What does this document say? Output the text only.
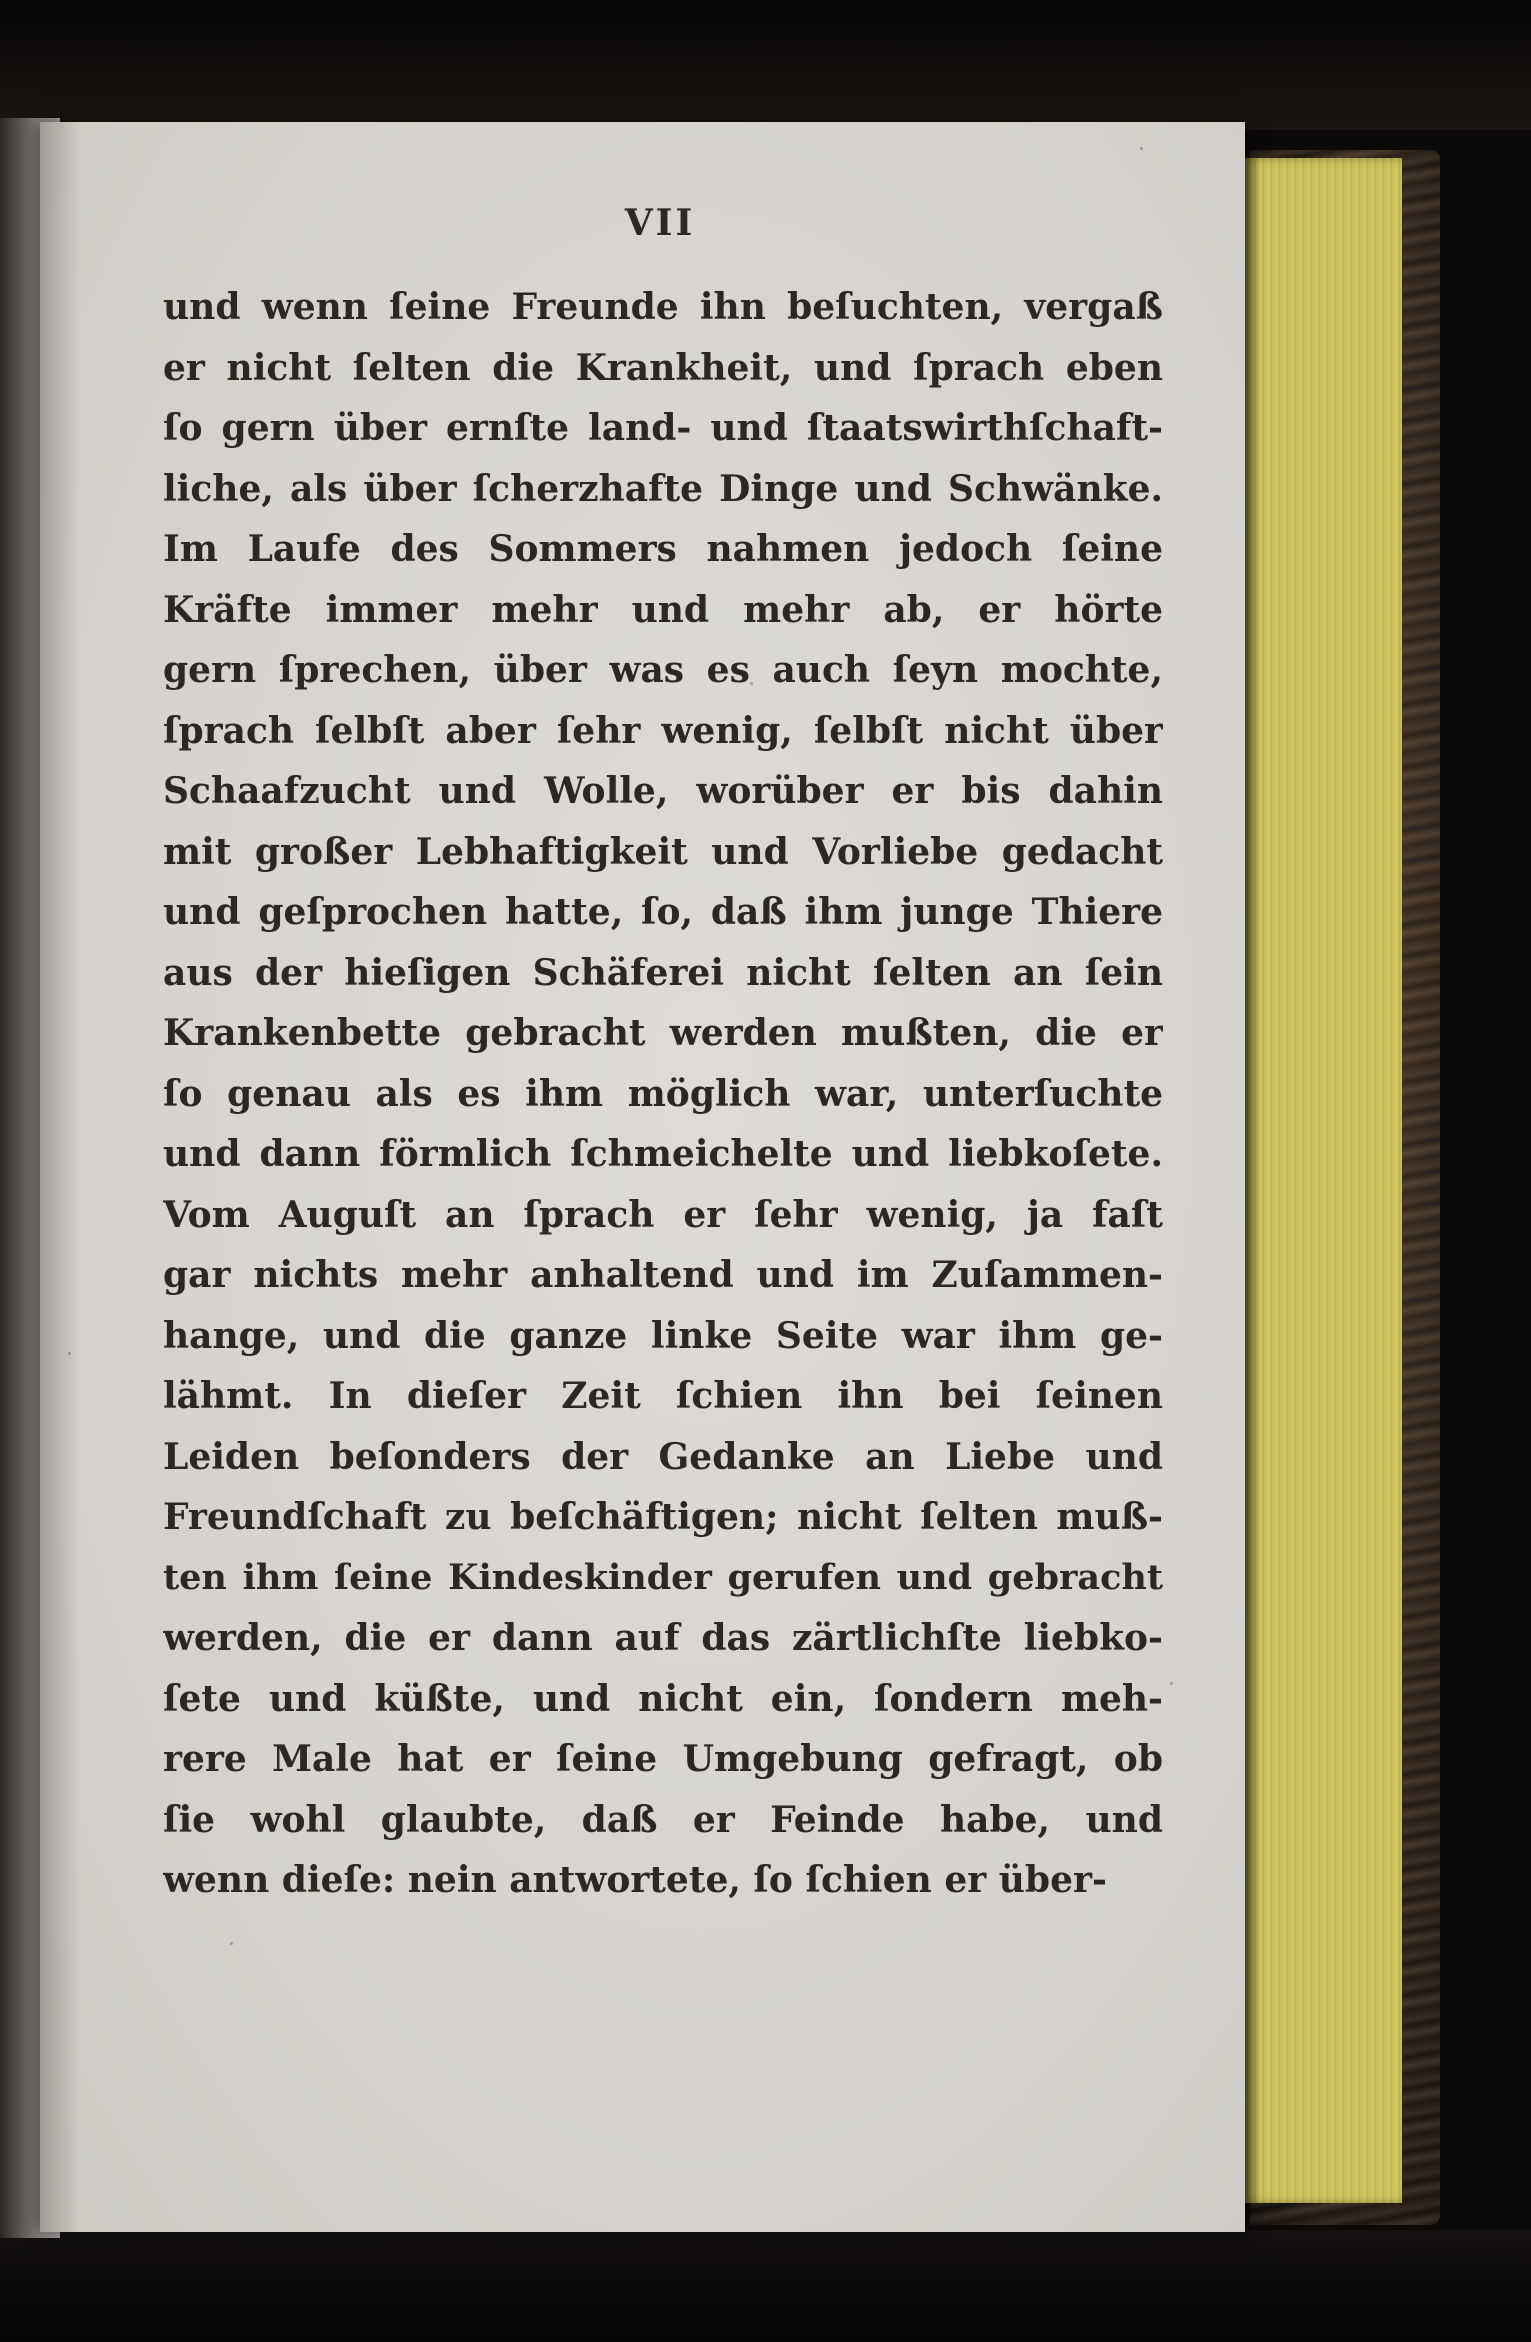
VII
und wenn ſeine Freunde ihn beſuchten, vergaß
er nicht ſelten die Krankheit, und ſprach eben
ſo gern über ernſte land- und ſtaatswirthſchaft-
liche, als über ſcherzhafte Dinge und Schwänke.
Im Laufe des Sommers nahmen jedoch ſeine
Kräfte immer mehr und mehr ab, er hörte
gern ſprechen, über was es auch ſeyn mochte,
ſprach ſelbſt aber ſehr wenig, ſelbſt nicht über
Schaafzucht und Wolle, worüber er bis dahin
mit großer Lebhaftigkeit und Vorliebe gedacht
und geſprochen hatte, ſo, daß ihm junge Thiere
aus der hieſigen Schäferei nicht ſelten an ſein
Krankenbette gebracht werden mußten, die er
ſo genau als es ihm möglich war, unterſuchte
und dann förmlich ſchmeichelte und liebkoſete.
Vom Auguſt an ſprach er ſehr wenig, ja faſt
gar nichts mehr anhaltend und im Zuſammen-
hange, und die ganze linke Seite war ihm ge-
lähmt. In dieſer Zeit ſchien ihn bei ſeinen
Leiden beſonders der Gedanke an Liebe und
Freundſchaft zu beſchäftigen; nicht ſelten muß-
ten ihm ſeine Kindeskinder gerufen und gebracht
werden, die er dann auf das zärtlichſte liebko-
ſete und küßte, und nicht ein, ſondern meh-
rere Male hat er ſeine Umgebung gefragt, ob
ſie wohl glaubte, daß er Feinde habe, und
wenn dieſe: nein antwortete, ſo ſchien er über-
